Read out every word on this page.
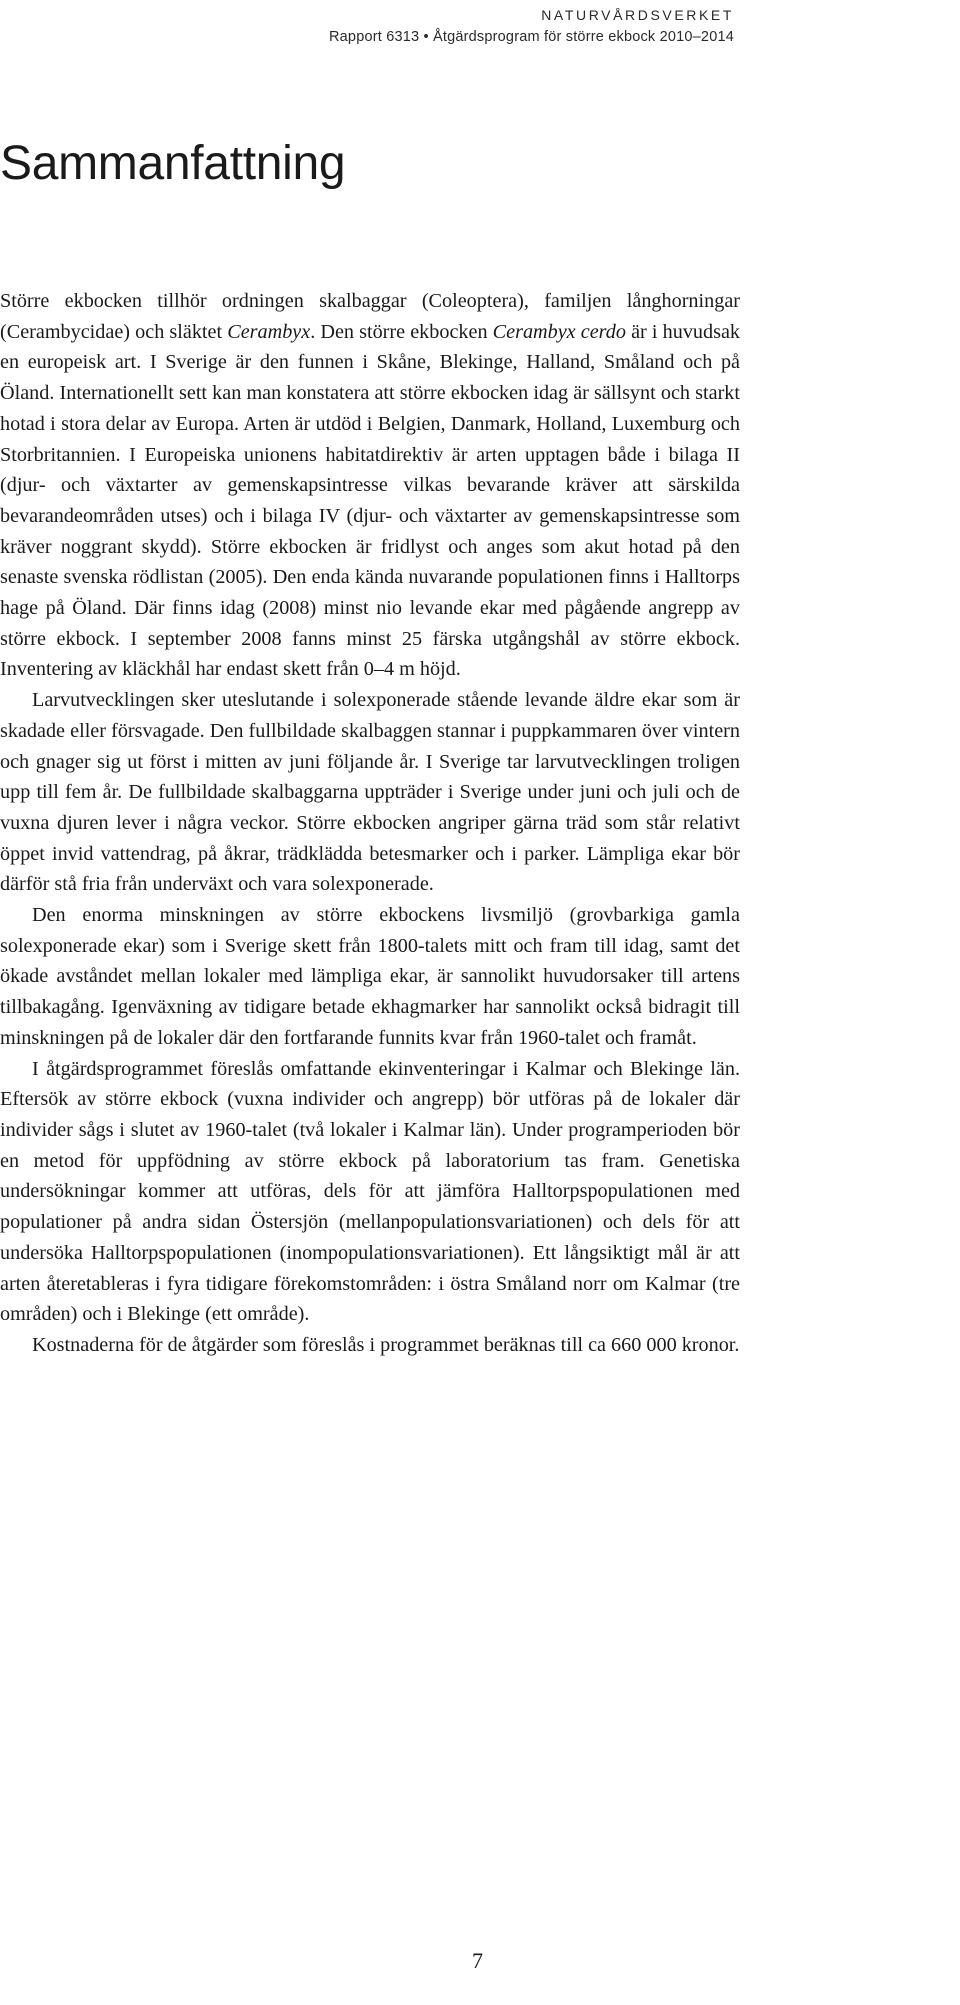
NATURVÅRDSVERKET
Rapport 6313 • Åtgärdsprogram för större ekbock 2010–2014
Sammanfattning

Större ekbocken tillhör ordningen skalbaggar (Coleoptera), familjen långhorningar (Cerambycidae) och släktet Cerambyx. Den större ekbocken Cerambyx cerdo är i huvudsak en europeisk art. I Sverige är den funnen i Skåne, Blekinge, Halland, Småland och på Öland. Internationellt sett kan man konstatera att större ekbocken idag är sällsynt och starkt hotad i stora delar av Europa. Arten är utdöd i Belgien, Danmark, Holland, Luxemburg och Storbritannien. I Europeiska unionens habitatdirektiv är arten upptagen både i bilaga II (djur- och växtarter av gemenskapsintresse vilkas bevarande kräver att särskilda bevarandeområden utses) och i bilaga IV (djur- och växtarter av gemenskapsintresse som kräver noggrant skydd). Större ekbocken är fridlyst och anges som akut hotad på den senaste svenska rödlistan (2005). Den enda kända nuvarande populationen finns i Halltorps hage på Öland. Där finns idag (2008) minst nio levande ekar med pågående angrepp av större ekbock. I september 2008 fanns minst 25 färska utgångshål av större ekbock. Inventering av kläckhål har endast skett från 0–4 m höjd.

Larvutvecklingen sker uteslutande i solexponerade stående levande äldre ekar som är skadade eller försvagade. Den fullbildade skalbaggen stannar i puppkammaren över vintern och gnager sig ut först i mitten av juni följande år. I Sverige tar larvutvecklingen troligen upp till fem år. De fullbildade skalbaggarna uppträder i Sverige under juni och juli och de vuxna djuren lever i några veckor. Större ekbocken angriper gärna träd som står relativt öppet invid vattendrag, på åkrar, trädklädda betesmarker och i parker. Lämpliga ekar bör därför stå fria från underväxt och vara solexponerade.

Den enorma minskningen av större ekbockens livsmiljö (grovbarkiga gamla solexponerade ekar) som i Sverige skett från 1800-talets mitt och fram till idag, samt det ökade avståndet mellan lokaler med lämpliga ekar, är sannolikt huvudorsaker till artens tillbakagång. Igenväxning av tidigare betade ekhagmarker har sannolikt också bidragit till minskningen på de lokaler där den fortfarande funnits kvar från 1960-talet och framåt.

I åtgärdsprogrammet föreslås omfattande ekinventeringar i Kalmar och Blekinge län. Eftersök av större ekbock (vuxna individer och angrepp) bör utföras på de lokaler där individer sågs i slutet av 1960-talet (två lokaler i Kalmar län). Under programperioden bör en metod för uppfödning av större ekbock på laboratorium tas fram. Genetiska undersökningar kommer att utföras, dels för att jämföra Halltorpspopulationen med populationer på andra sidan Östersjön (mellanpopulationsvariationen) och dels för att undersöka Halltorpspopulationen (inompopulationsvariationen). Ett långsiktigt mål är att arten återetableras i fyra tidigare förekomstområden: i östra Småland norr om Kalmar (tre områden) och i Blekinge (ett område).

Kostnaderna för de åtgärder som föreslås i programmet beräknas till ca 660 000 kronor.

7
